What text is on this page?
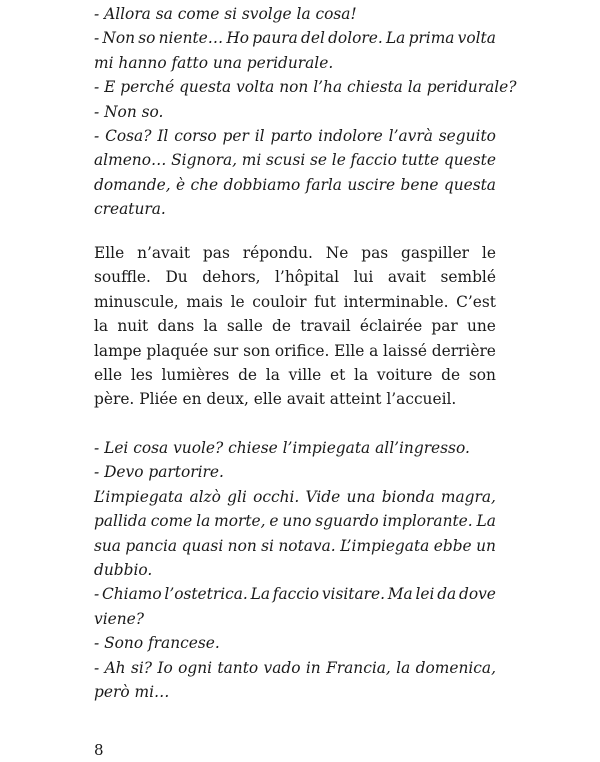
- Allora sa come si svolge la cosa!
- Non so niente… Ho paura del dolore. La prima volta
mi hanno fatto una peridurale.
- E perché questa volta non l’ha chiesta la peridurale?
- Non so.
- Cosa? Il corso per il parto indolore l’avrà seguito
almeno… Signora, mi scusi se le faccio tutte queste
domande, è che dobbiamo farla uscire bene questa
creatura.
Elle n’avait pas répondu. Ne pas gaspiller le
souffle. Du dehors, l’hôpital lui avait semblé
minuscule, mais le couloir fut interminable. C’est
la nuit dans la salle de travail éclairée par une
lampe plaquée sur son orifice. Elle a laissé derrière
elle les lumières de la ville et la voiture de son
père. Pliée en deux, elle avait atteint l’accueil.
- Lei cosa vuole? chiese l’impiegata all’ingresso.
- Devo partorire.
L’impiegata alzò gli occhi. Vide una bionda magra,
pallida come la morte, e uno sguardo implorante. La
sua pancia quasi non si notava. L’impiegata ebbe un
dubbio.
- Chiamo l’ostetrica. La faccio visitare. Ma lei da dove
viene?
- Sono francese.
- Ah si? Io ogni tanto vado in Francia, la domenica,
però mi…
8
